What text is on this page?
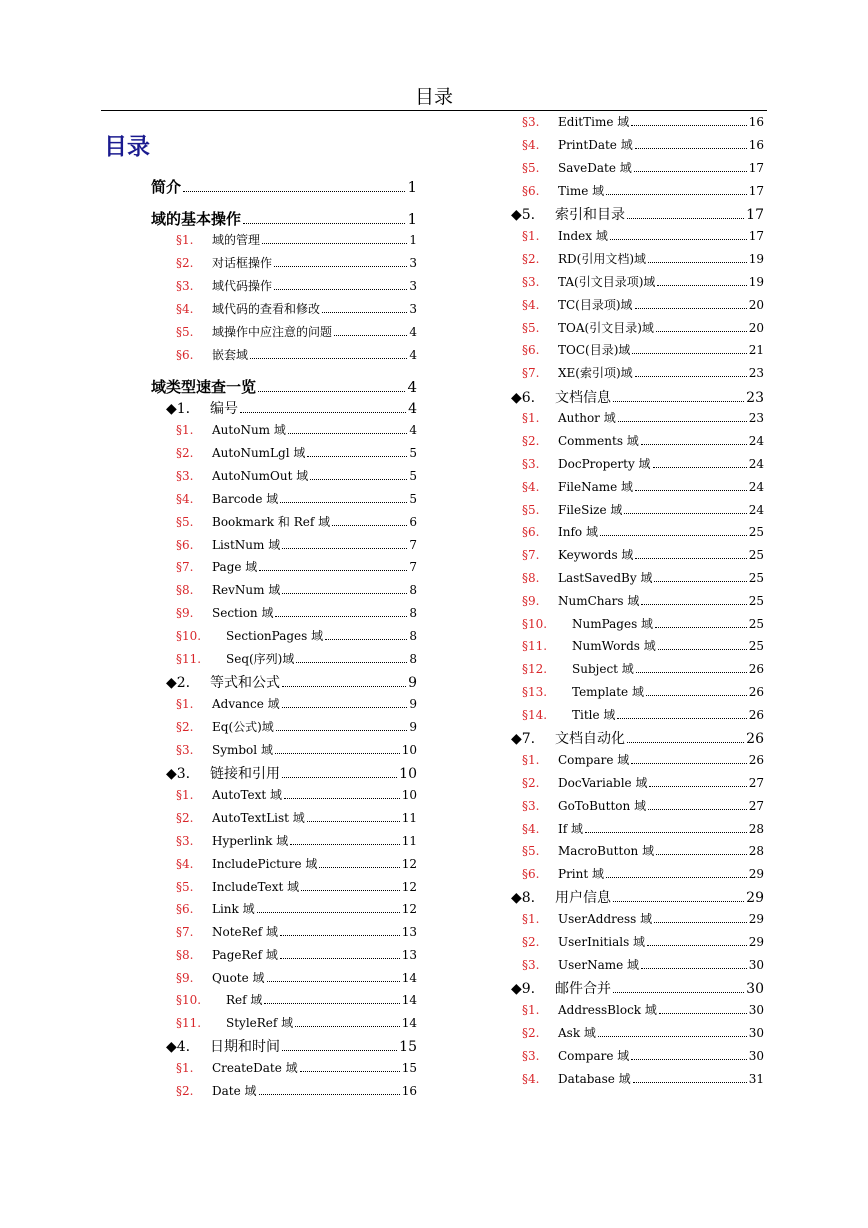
目录
目录
简介	1
域的基本操作	1
§1.	域的管理	1
§2.	对话框操作	3
§3.	域代码操作	3
§4.	域代码的查看和修改	3
§5.	域操作中应注意的问题	4
§6.	嵌套域	4
域类型速查一览	4
◆1.	编号	4
§1.	AutoNum 域	4
§2.	AutoNumLgl 域	5
§3.	AutoNumOut 域	5
§4.	Barcode 域	5
§5.	Bookmark 和 Ref 域	6
§6.	ListNum 域	7
§7.	Page 域	7
§8.	RevNum 域	8
§9.	Section 域	8
§10.	SectionPages 域	8
§11.	Seq(序列)域	8
◆2.	等式和公式	9
§1.	Advance 域	9
§2.	Eq(公式)域	9
§3.	Symbol 域	10
◆3.	链接和引用	10
§1.	AutoText 域	10
§2.	AutoTextList 域	11
§3.	Hyperlink 域	11
§4.	IncludePicture 域	12
§5.	IncludeText 域	12
§6.	Link 域	12
§7.	NoteRef 域	13
§8.	PageRef 域	13
§9.	Quote 域	14
§10.	Ref 域	14
§11.	StyleRef 域	14
◆4.	日期和时间	15
§1.	CreateDate 域	15
§2.	Date 域	16
§3.	EditTime 域	16
§4.	PrintDate 域	16
§5.	SaveDate 域	17
§6.	Time 域	17
◆5.	索引和目录	17
§1.	Index 域	17
§2.	RD(引用文档)域	19
§3.	TA(引文目录项)域	19
§4.	TC(目录项)域	20
§5.	TOA(引文目录)域	20
§6.	TOC(目录)域	21
§7.	XE(索引项)域	23
◆6.	文档信息	23
§1.	Author 域	23
§2.	Comments 域	24
§3.	DocProperty 域	24
§4.	FileName 域	24
§5.	FileSize 域	24
§6.	Info 域	25
§7.	Keywords 域	25
§8.	LastSavedBy 域	25
§9.	NumChars 域	25
§10.	NumPages 域	25
§11.	NumWords 域	25
§12.	Subject 域	26
§13.	Template 域	26
§14.	Title 域	26
◆7.	文档自动化	26
§1.	Compare 域	26
§2.	DocVariable 域	27
§3.	GoToButton 域	27
§4.	If 域	28
§5.	MacroButton 域	28
§6.	Print 域	29
◆8.	用户信息	29
§1.	UserAddress 域	29
§2.	UserInitials 域	29
§3.	UserName 域	30
◆9.	邮件合并	30
§1.	AddressBlock 域	30
§2.	Ask 域	30
§3.	Compare 域	30
§4.	Database 域	31
